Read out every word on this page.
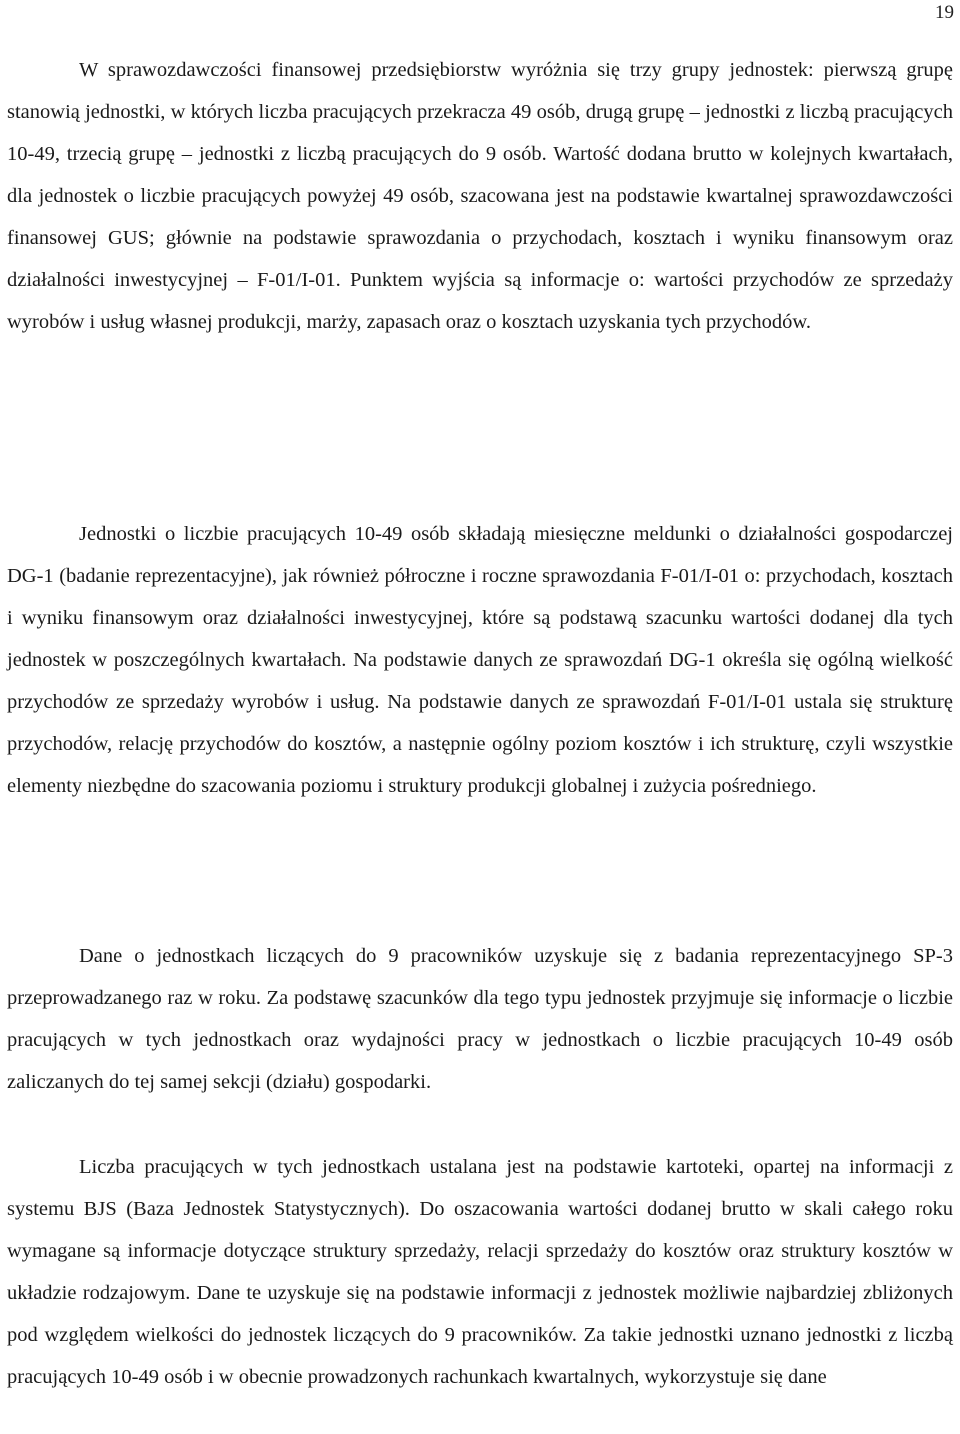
19

W sprawozdawczości finansowej przedsiębiorstw wyróżnia się trzy grupy jednostek: pierwszą grupę stanowią jednostki, w których liczba pracujących przekracza 49 osób, drugą grupę – jednostki z liczbą pracujących 10-49, trzecią grupę – jednostki z liczbą pracujących do 9 osób. Wartość dodana brutto w kolejnych kwartałach, dla jednostek o liczbie pracujących powyżej 49 osób, szacowana jest na podstawie kwartalnej sprawozdawczości finansowej GUS; głównie na podstawie sprawozdania o przychodach, kosztach i wyniku finansowym oraz działalności inwestycyjnej – F-01/I-01. Punktem wyjścia są informacje o: wartości przychodów ze sprzedaży wyrobów i usług własnej produkcji, marży, zapasach oraz o kosztach uzyskania tych przychodów.

Jednostki o liczbie pracujących 10-49 osób składają miesięczne meldunki o działalności gospodarczej DG-1 (badanie reprezentacyjne), jak również półroczne i roczne sprawozdania F-01/I-01 o: przychodach, kosztach i wyniku finansowym oraz działalności inwestycyjnej, które są podstawą szacunku wartości dodanej dla tych jednostek w poszczególnych kwartałach. Na podstawie danych ze sprawozdań DG-1 określa się ogólną wielkość przychodów ze sprzedaży wyrobów i usług. Na podstawie danych ze sprawozdań F-01/I-01 ustala się strukturę przychodów, relację przychodów do kosztów, a następnie ogólny poziom kosztów i ich strukturę, czyli wszystkie elementy niezbędne do szacowania poziomu i struktury produkcji globalnej i zużycia pośredniego.

Dane o jednostkach liczących do 9 pracowników uzyskuje się z badania reprezentacyjnego SP-3 przeprowadzanego raz w roku. Za podstawę szacunków dla tego typu jednostek przyjmuje się informacje o liczbie pracujących w tych jednostkach oraz wydajności pracy w jednostkach o liczbie pracujących 10-49 osób zaliczanych do tej samej sekcji (działu) gospodarki.

Liczba pracujących w tych jednostkach ustalana jest na podstawie kartoteki, opartej na informacji z systemu BJS (Baza Jednostek Statystycznych). Do oszacowania wartości dodanej brutto w skali całego roku wymagane są informacje dotyczące struktury sprzedaży, relacji sprzedaży do kosztów oraz struktury kosztów w układzie rodzajowym. Dane te uzyskuje się na podstawie informacji z jednostek możliwie najbardziej zbliżonych pod względem wielkości do jednostek liczących do 9 pracowników. Za takie jednostki uznano jednostki z liczbą pracujących 10-49 osób i w obecnie prowadzonych rachunkach kwartalnych, wykorzystuje się dane
